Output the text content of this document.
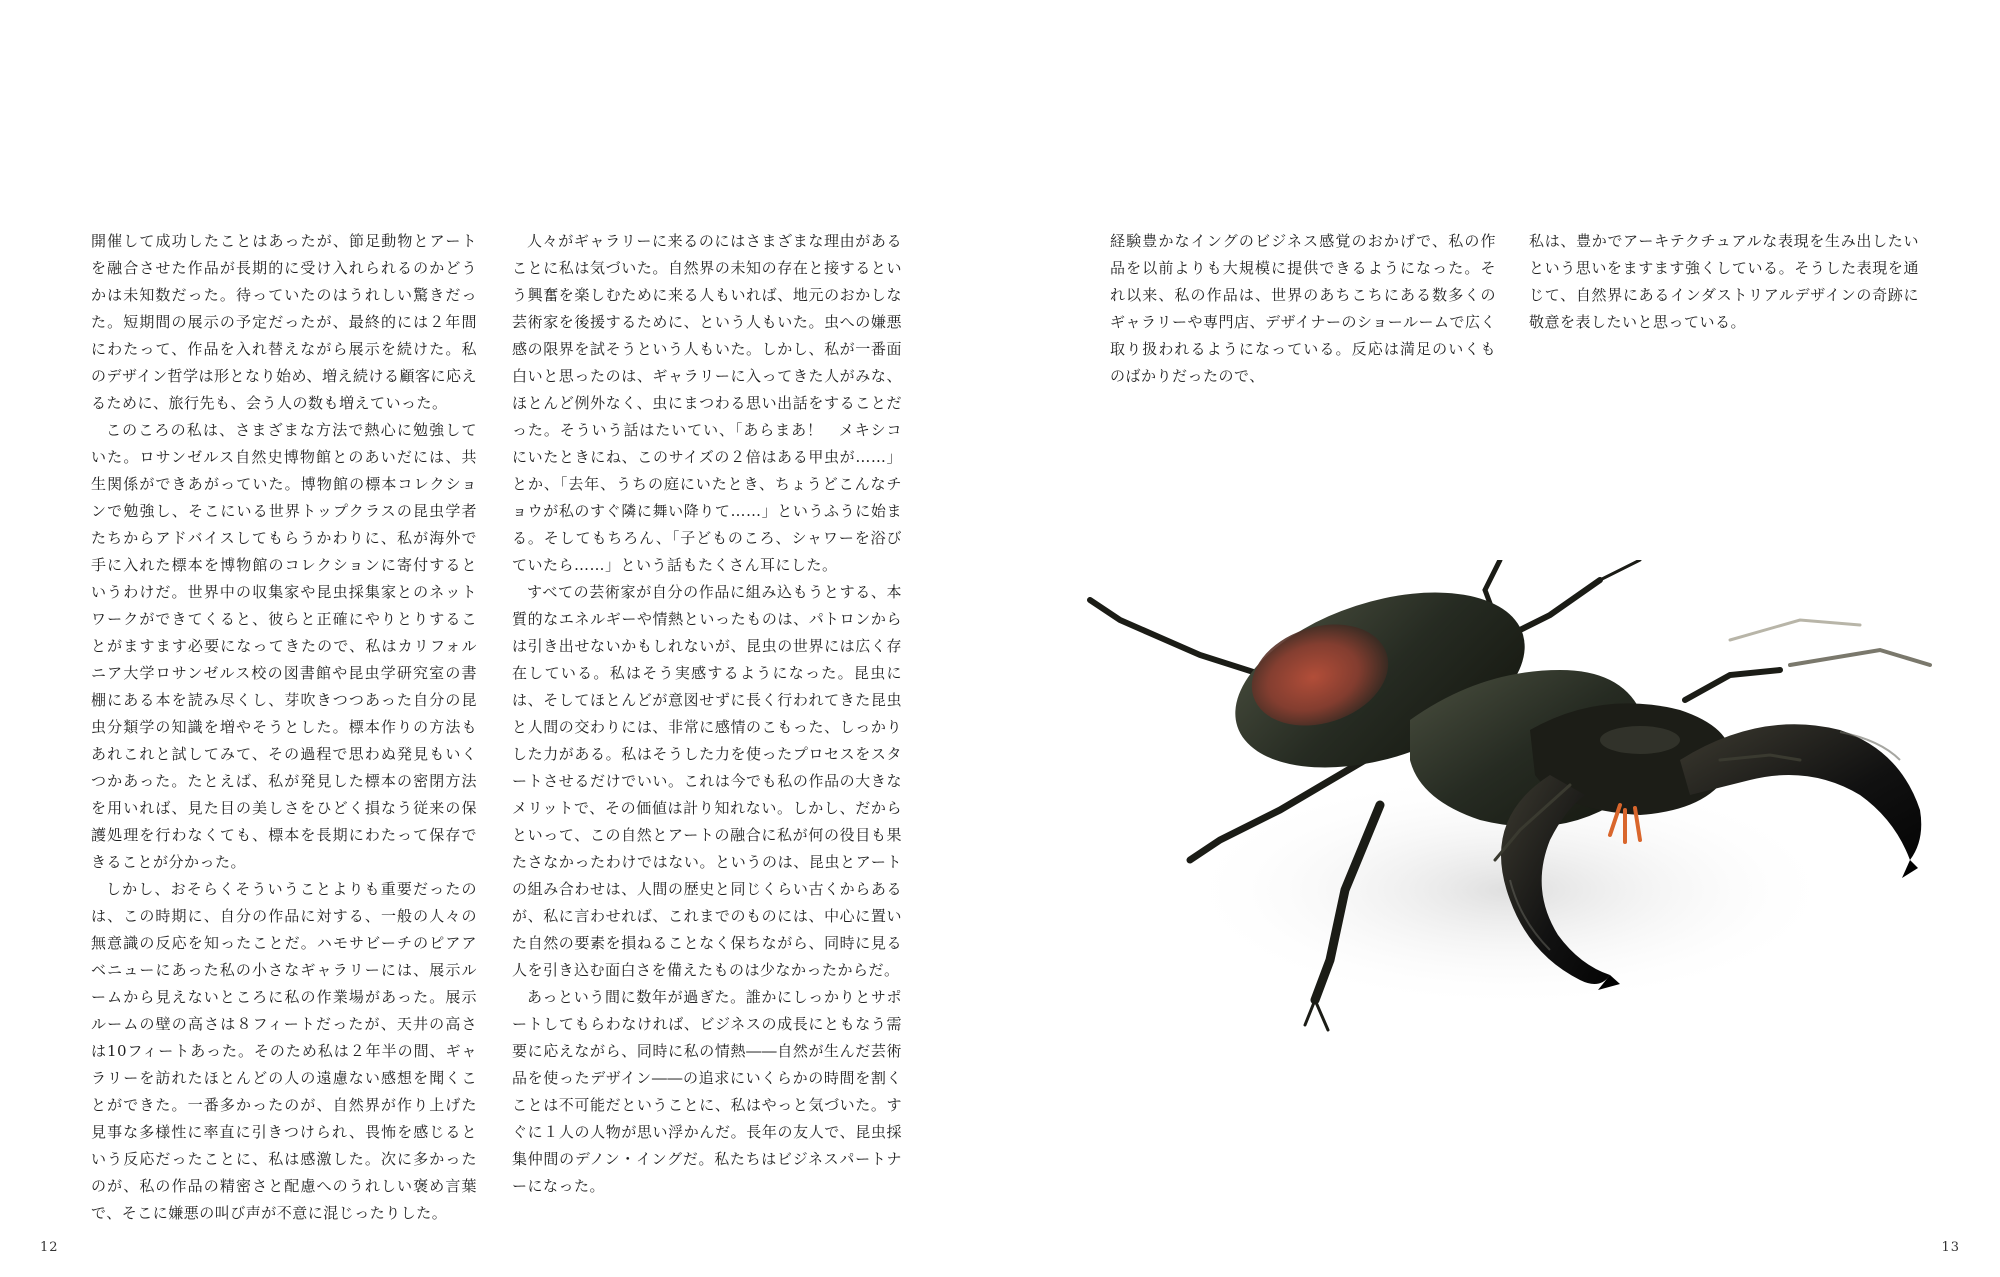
開催して成功したことはあったが、節足動物とアートを融合させた作品が長期的に受け入れられるのかどうかは未知数だった。待っていたのはうれしい驚きだった。短期間の展示の予定だったが、最終的には２年間にわたって、作品を入れ替えながら展示を続けた。私のデザイン哲学は形となり始め、増え続ける顧客に応えるために、旅行先も、会う人の数も増えていった。

このころの私は、さまざまな方法で熱心に勉強していた。ロサンゼルス自然史博物館とのあいだには、共生関係ができあがっていた。博物館の標本コレクションで勉強し、そこにいる世界トップクラスの昆虫学者たちからアドバイスしてもらうかわりに、私が海外で手に入れた標本を博物館のコレクションに寄付するというわけだ。世界中の収集家や昆虫採集家とのネットワークができてくると、彼らと正確にやりとりすることがますます必要になってきたので、私はカリフォルニア大学ロサンゼルス校の図書館や昆虫学研究室の書棚にある本を読み尽くし、芽吹きつつあった自分の昆虫分類学の知識を増やそうとした。標本作りの方法もあれこれと試してみて、その過程で思わぬ発見もいくつかあった。たとえば、私が発見した標本の密閉方法を用いれば、見た目の美しさをひどく損なう従来の保護処理を行わなくても、標本を長期にわたって保存できることが分かった。

しかし、おそらくそういうことよりも重要だったのは、この時期に、自分の作品に対する、一般の人々の無意識の反応を知ったことだ。ハモサビーチのピアアベニューにあった私の小さなギャラリーには、展示ルームから見えないところに私の作業場があった。展示ルームの壁の高さは８フィートだったが、天井の高さは10フィートあった。そのため私は２年半の間、ギャラリーを訪れたほとんどの人の遠慮ない感想を聞くことができた。一番多かったのが、自然界が作り上げた見事な多様性に率直に引きつけられ、畏怖を感じるという反応だったことに、私は感激した。次に多かったのが、私の作品の精密さと配慮へのうれしい褒め言葉で、そこに嫌悪の叫び声が不意に混じったりした。

人々がギャラリーに来るのにはさまざまな理由があることに私は気づいた。自然界の未知の存在と接するという興奮を楽しむために来る人もいれば、地元のおかしな芸術家を後援するために、という人もいた。虫への嫌悪感の限界を試そうという人もいた。しかし、私が一番面白いと思ったのは、ギャラリーに入ってきた人がみな、ほとんど例外なく、虫にまつわる思い出話をすることだった。そういう話はたいてい、「あらまあ！　メキシコにいたときにね、このサイズの２倍はある甲虫が……」とか、「去年、うちの庭にいたとき、ちょうどこんなチョウが私のすぐ隣に舞い降りて……」というふうに始まる。そしてもちろん、「子どものころ、シャワーを浴びていたら……」という話もたくさん耳にした。

すべての芸術家が自分の作品に組み込もうとする、本質的なエネルギーや情熱といったものは、パトロンからは引き出せないかもしれないが、昆虫の世界には広く存在している。私はそう実感するようになった。昆虫には、そしてほとんどが意図せずに長く行われてきた昆虫と人間の交わりには、非常に感情のこもった、しっかりした力がある。私はそうした力を使ったプロセスをスタートさせるだけでいい。これは今でも私の作品の大きなメリットで、その価値は計り知れない。しかし、だからといって、この自然とアートの融合に私が何の役目も果たさなかったわけではない。というのは、昆虫とアートの組み合わせは、人間の歴史と同じくらい古くからあるが、私に言わせれば、これまでのものには、中心に置いた自然の要素を損ねることなく保ちながら、同時に見る人を引き込む面白さを備えたものは少なかったからだ。

あっという間に数年が過ぎた。誰かにしっかりとサポートしてもらわなければ、ビジネスの成長にともなう需要に応えながら、同時に私の情熱――自然が生んだ芸術品を使ったデザイン――の追求にいくらかの時間を割くことは不可能だということに、私はやっと気づいた。すぐに１人の人物が思い浮かんだ。長年の友人で、昆虫採集仲間のデノン・イングだ。私たちはビジネスパートナーになった。

12

経験豊かなイングのビジネス感覚のおかげで、私の作品を以前よりも大規模に提供できるようになった。それ以来、私の作品は、世界のあちこちにある数多くのギャラリーや専門店、デザイナーのショールームで広く取り扱われるようになっている。反応は満足のいくものばかりだったので、

私は、豊かでアーキテクチュアルな表現を生み出したいという思いをますます強くしている。そうした表現を通じて、自然界にあるインダストリアルデザインの奇跡に敬意を表したいと思っている。

13
